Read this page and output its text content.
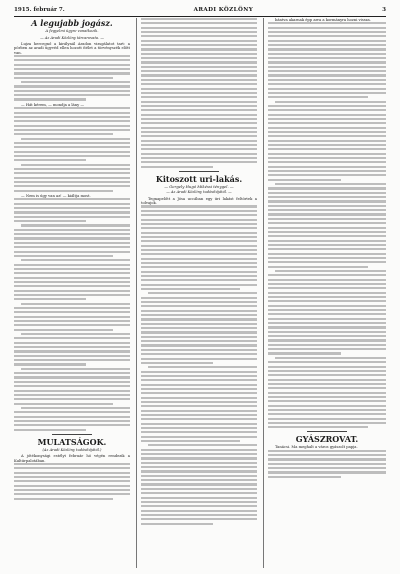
1915. február 7.	ARADI KÖZLÖNY	3
A legujabb jogász.
A fegyelmi ügyre vonatkozik.
— Az Aradi Közlöny tárcarovata. —

Lujza hercegnő a királynál Aradon vizsgálatot tart: a pörben az aradi ügyvéd ellen hozott ítélet a törvényszék előtt van.

— Hát kérem, — mondja a lány —

— Nem is úgy van az! — kiáltja most.

MULATSÁGOK.
(Az Aradi Közlöny tudósítójától.)

A jótékonysági estélyt február hó végén rendezik a Kultúrpalotában.

Kitoszott uri-lakás.
— Gergely Hugó Mikéssi ténygel. —
— Az Aradi Közlöny tudósítójától. —

Tegnapelőtt a Jósa uccában egy úri lakást feltörtek a tolvajok.

bántva akarnak épp arra a kormányra hozni vissza.

GYÁSZROVAT.

Tanácsi. Ma meghalt a város gyászolt papja.
